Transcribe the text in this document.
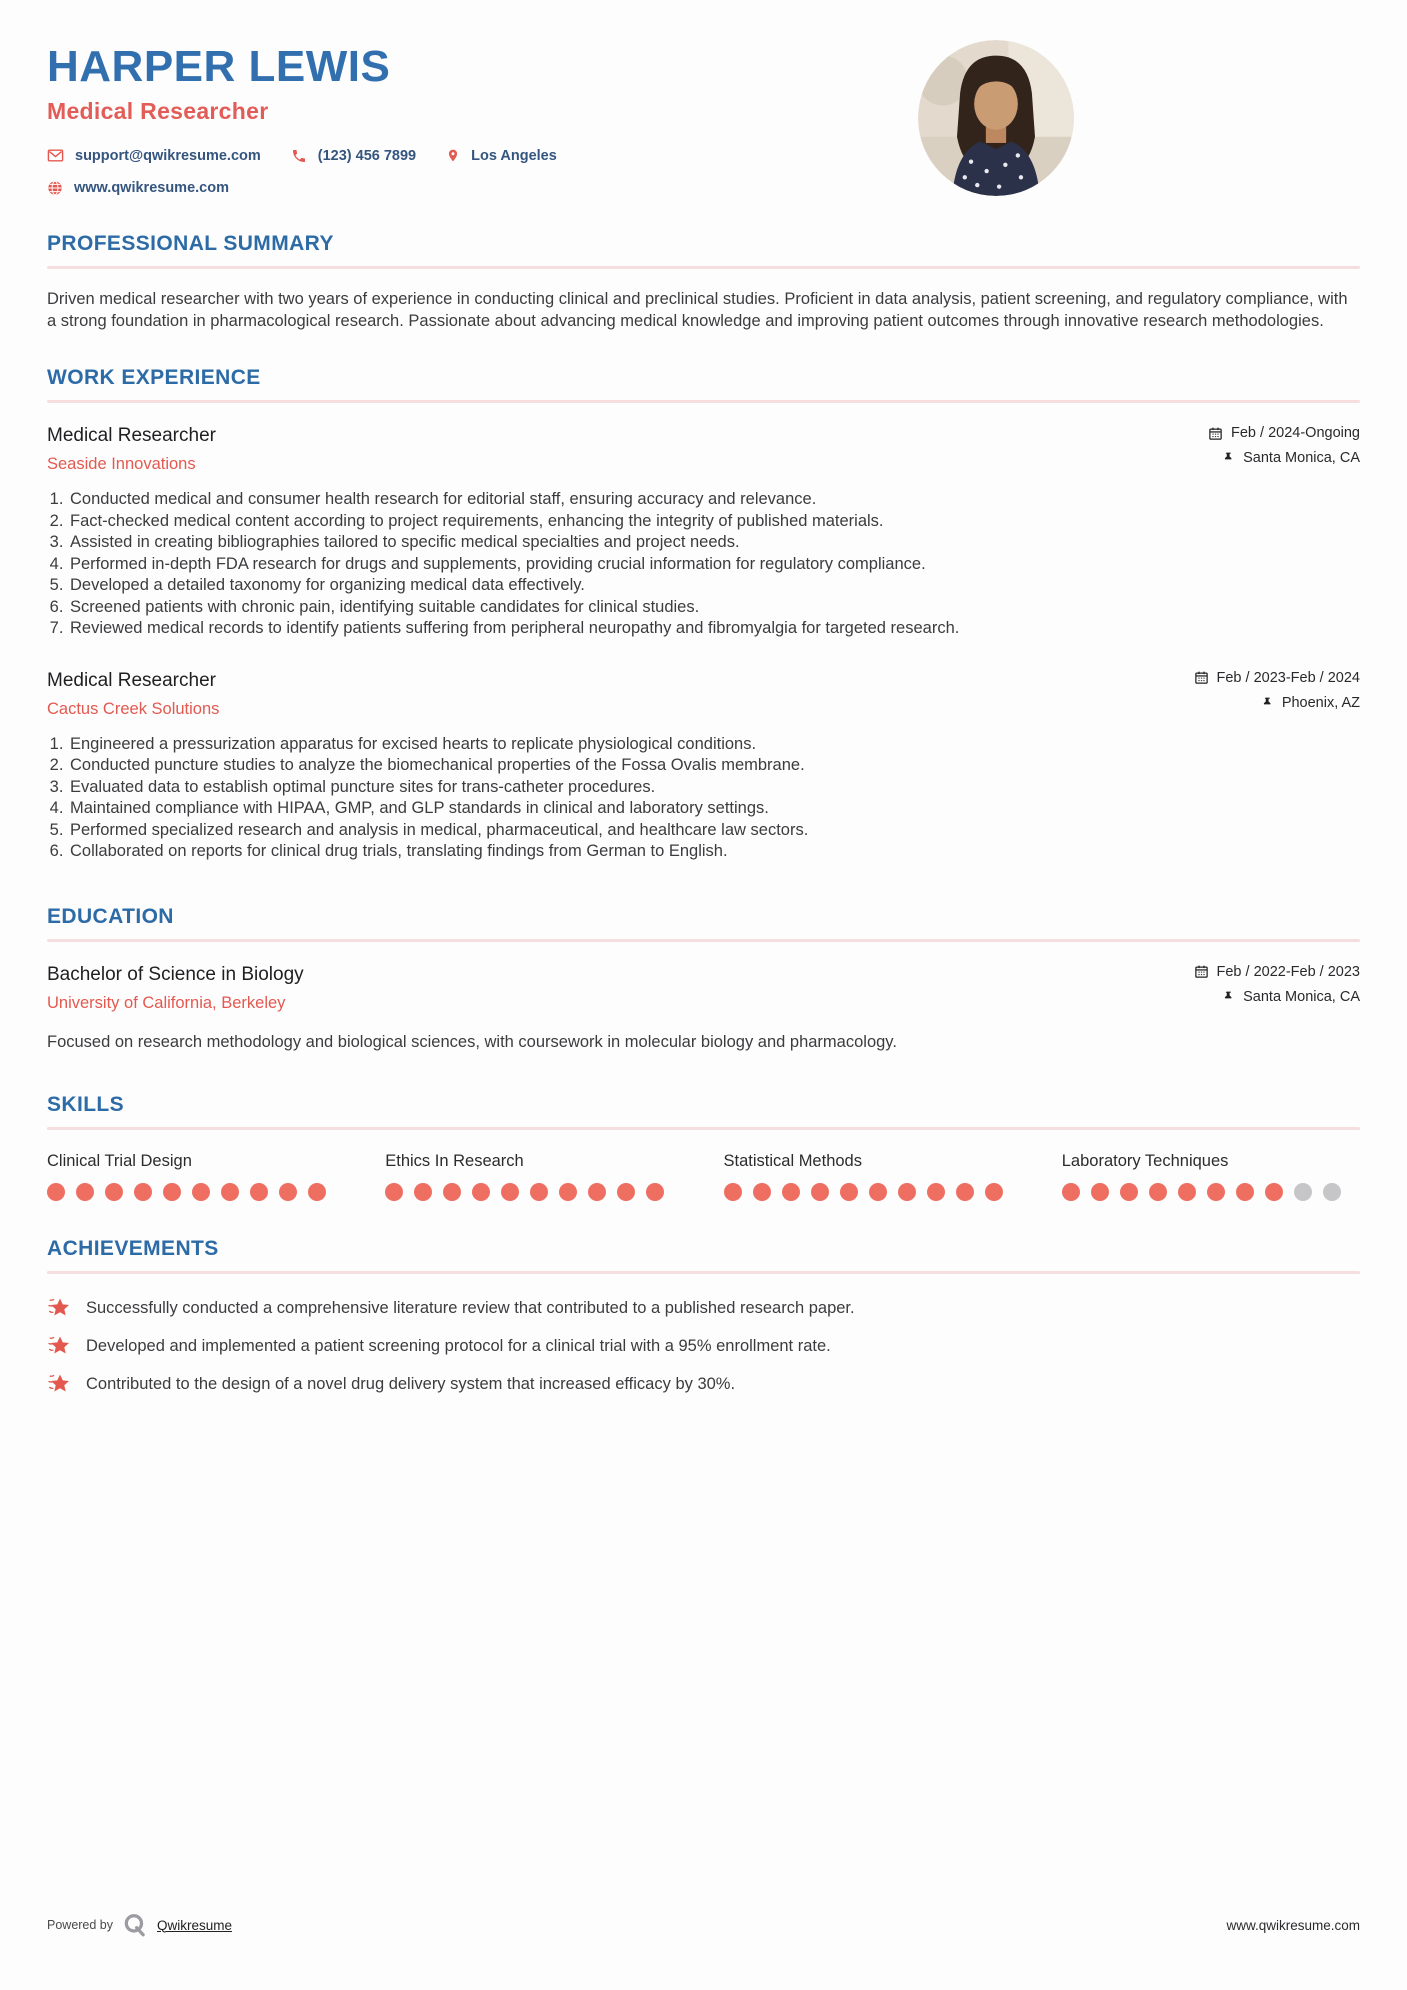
HARPER LEWIS
Medical Researcher
support@qwikresume.com	(123) 456 7899	Los Angeles
www.qwikresume.com
PROFESSIONAL SUMMARY
Driven medical researcher with two years of experience in conducting clinical and preclinical studies. Proficient in data analysis, patient screening, and regulatory compliance, with a strong foundation in pharmacological research. Passionate about advancing medical knowledge and improving patient outcomes through innovative research methodologies.
WORK EXPERIENCE
Medical Researcher
Seaside Innovations
Feb / 2024-Ongoing
Santa Monica, CA
1. Conducted medical and consumer health research for editorial staff, ensuring accuracy and relevance.
2. Fact-checked medical content according to project requirements, enhancing the integrity of published materials.
3. Assisted in creating bibliographies tailored to specific medical specialties and project needs.
4. Performed in-depth FDA research for drugs and supplements, providing crucial information for regulatory compliance.
5. Developed a detailed taxonomy for organizing medical data effectively.
6. Screened patients with chronic pain, identifying suitable candidates for clinical studies.
7. Reviewed medical records to identify patients suffering from peripheral neuropathy and fibromyalgia for targeted research.
Medical Researcher
Cactus Creek Solutions
Feb / 2023-Feb / 2024
Phoenix, AZ
1. Engineered a pressurization apparatus for excised hearts to replicate physiological conditions.
2. Conducted puncture studies to analyze the biomechanical properties of the Fossa Ovalis membrane.
3. Evaluated data to establish optimal puncture sites for trans-catheter procedures.
4. Maintained compliance with HIPAA, GMP, and GLP standards in clinical and laboratory settings.
5. Performed specialized research and analysis in medical, pharmaceutical, and healthcare law sectors.
6. Collaborated on reports for clinical drug trials, translating findings from German to English.
EDUCATION
Bachelor of Science in Biology
University of California, Berkeley
Feb / 2022-Feb / 2023
Santa Monica, CA
Focused on research methodology and biological sciences, with coursework in molecular biology and pharmacology.
SKILLS
Clinical Trial Design	Ethics In Research	Statistical Methods	Laboratory Techniques
ACHIEVEMENTS
Successfully conducted a comprehensive literature review that contributed to a published research paper.
Developed and implemented a patient screening protocol for a clinical trial with a 95% enrollment rate.
Contributed to the design of a novel drug delivery system that increased efficacy by 30%.
Powered by	Qwikresume	www.qwikresume.com
